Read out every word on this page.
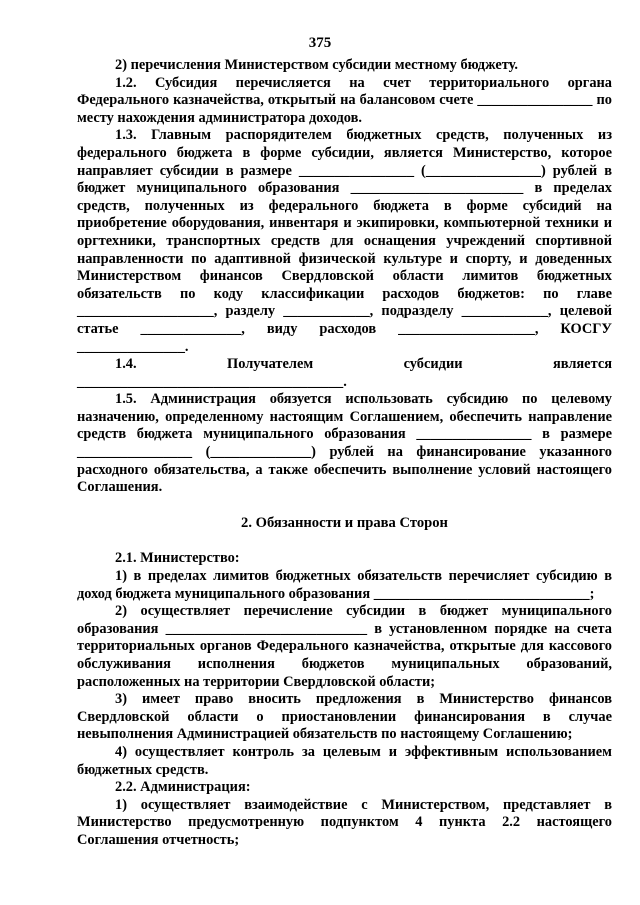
375

2) перечисления Министерством субсидии местному бюджету.

1.2. Субсидия перечисляется на счет территориального органа Федерального казначейства, открытый на балансовом счете ________________ по месту нахождения администратора доходов.

1.3. Главным распорядителем бюджетных средств, полученных из федерального бюджета в форме субсидии, является Министерство, которое направляет субсидии в размере ________________ (________________) рублей в бюджет муниципального образования ________________________ в пределах средств, полученных из федерального бюджета в форме субсидий на приобретение оборудования, инвентаря и экипировки, компьютерной техники и оргтехники, транспортных средств для оснащения учреждений спортивной направленности по адаптивной физической культуре и спорту, и доведенных Министерством финансов Свердловской области лимитов бюджетных обязательств по коду классификации расходов бюджетов: по главе ___________________, разделу ____________, подразделу ____________, целевой статье ______________, виду расходов ___________________, КОСГУ _______________.

1.4. Получателем субсидии является _____________________________________.

1.5. Администрация обязуется использовать субсидию по целевому назначению, определенному настоящим Соглашением, обеспечить направление средств бюджета муниципального образования ________________ в размере ________________ (______________) рублей на финансирование указанного расходного обязательства, а также обеспечить выполнение условий настоящего Соглашения.

2. Обязанности и права Сторон

2.1. Министерство:

1) в пределах лимитов бюджетных обязательств перечисляет субсидию в доход бюджета муниципального образования ______________________________;

2) осуществляет перечисление субсидии в бюджет муниципального образования ____________________________ в установленном порядке на счета территориальных органов Федерального казначейства, открытые для кассового обслуживания исполнения бюджетов муниципальных образований, расположенных на территории Свердловской области;

3) имеет право вносить предложения в Министерство финансов Свердловской области о приостановлении финансирования в случае невыполнения Администрацией обязательств по настоящему Соглашению;

4) осуществляет контроль за целевым и эффективным использованием бюджетных средств.

2.2. Администрация:

1) осуществляет взаимодействие с Министерством, представляет в Министерство предусмотренную подпунктом 4 пункта 2.2 настоящего Соглашения отчетность;
